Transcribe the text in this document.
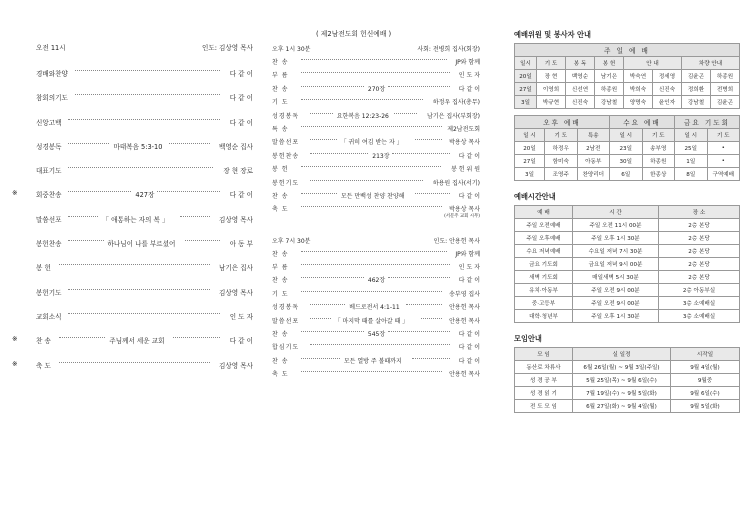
오전 11시	인도: 김상영 목사
경배와찬양	다 같 이
참회의기도	다 같 이
신앙고백	다 같 이
성경봉독	마태복음 5:3-10	백영순 집사
대표기도	장 현 장로
※	회중찬송	427장	다 같 이
말씀선포	「 애통하는 자의 복 」	김상영 목사
봉헌찬송	하나님이 나를 부르셨어	아 동 부
봉 헌	남기은 집사
봉헌기도	김상영 목사
교회소식	인 도 자
※	찬 송	주님께서 세운 교회	다 같 이
※	축 도	김상영 목사
( 제2남전도회 헌신예배 )
오후 1시 30분	사회: 전병희 집사(회장)
찬 송	JP와 함께
부 름	인 도 자
찬 송	270장	다 같 이
기 도	하정우 집사(총무)
성경봉독	요한복음 12:23-26	남기은 집사(부회장)
특 송	제2남전도회
말씀선포	「 귀히 여김 받는 자 」	박용상 목사
봉헌찬송	213장	다 같 이
봉 헌	봉 헌 위 원
봉헌기도	하용원 집사(서기)
찬 송	모든 만백성 찬양 찬양해	다 같 이
축 도	박용상 목사
(서문주 교회 시무)
오후 7시 30분	인도: 안용헌 목사
찬 송	JP와 함께
부 름	인 도 자
찬 송	462장	다 같 이
기 도	송부영 집사
성경봉독	베드로전서 4:1-11	안용헌 목사
말씀선포	「 마지막 때를 살아갈 때 」	안용헌 목사
찬 송	545장	다 같 이
합심기도	다 같 이
찬 송	모든 열방 주 볼때까지	다 같 이
축 도	안용헌 목사
예배위원 및 봉사자 안내
주 일 예 배							
일시	기 도	봉 독	봉 헌	안 내		차량 안내	
20일	장 현	백영순	남기은	박숙연	정세영	김윤곤	하종원
27일	이영희	신선연	하종원	박희숙	신진숙	정희환	전병희
3일	박규현	신진숙	강남철	양명숙	윤인자	강남철	김윤곤
오후 예배			수요 예배		금요 기도회	
일 시	기 도	특송	일 시	기 도	일 시	기 도
20일	하정우	2남전	23일	송부영	25일	•
27일	함미숙	아동부	30일	하종원	1일	•
3일	조영주	찬양리더	6일	한종상	8일	구역예배
예배시간안내
예 배	시 간	장 소
주일 오전예배	주일 오전 11시 00분	2층 본당
주일 오후예배	주일 오후 1시 30분	2층 본당
수요 저녁예배	수요일 저녁 7시 30분	2층 본당
금요 기도회	금요일 저녁 9시 00분	2층 본당
새벽 기도회	매일새벽 5시 30분	2층 본당
유치·아동부	주일 오전 9시 00분	2층 아동부실
중·고등부	주일 오전 9시 00분	3층 소예배실
대학·청년부	주일 오후 1시 30분	3층 소예배실
모임안내
모 임	실 일정	시작일
동산로 차류사	6월 26일(월) ~ 9월 3일(주일)	9월 4일(월)
성 경 공 부	5월 25일(목) ~ 9월 6일(수)	9월중
성 경 읽 기	7월 19일(수) ~ 9월 5일(화)	9월 6일(수)
전 도 모 임	6월 27일(화) ~ 9월 4일(월)	9월 5일(화)
